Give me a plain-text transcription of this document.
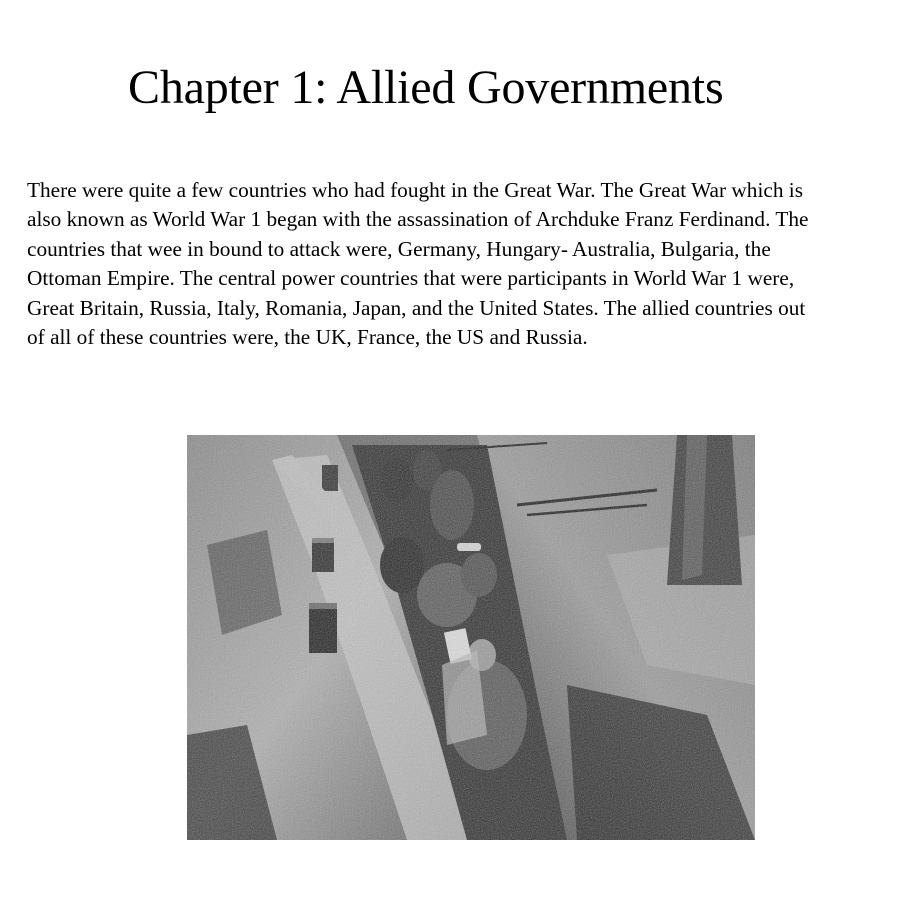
Chapter 1: Allied Governments

There were quite a few countries who had fought in the Great War. The Great War which is
also known as World War 1 began with the assassination of Archduke Franz Ferdinand. The
countries that wee in bound to attack were, Germany, Hungary- Australia, Bulgaria, the
Ottoman Empire. The central power countries that were participants in World War 1 were,
Great Britain, Russia, Italy, Romania, Japan, and the United States. The allied countries out
of all of these countries were, the UK, France, the US and Russia.
